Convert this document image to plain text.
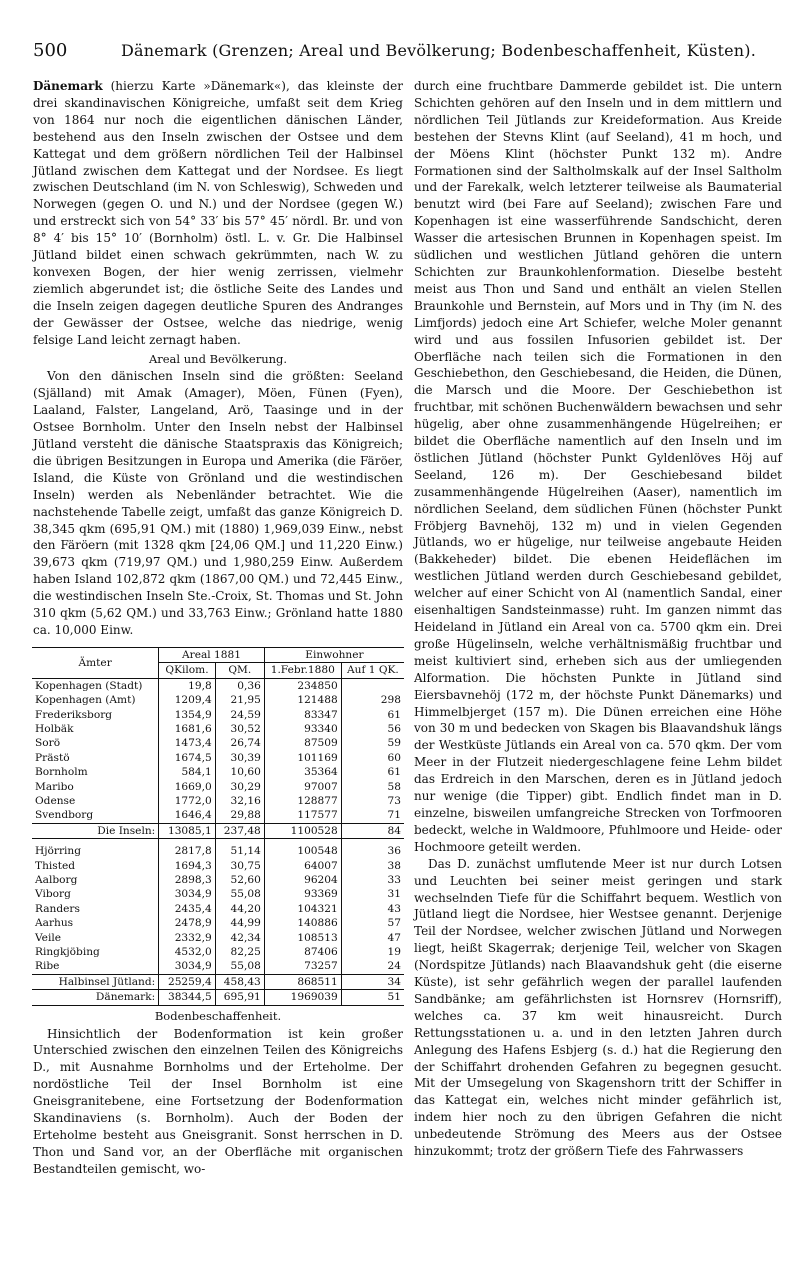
500	Dänemark (Grenzen; Areal und Bevölkerung; Bodenbeschaffenheit, Küsten).

Dänemark (hierzu Karte »Dänemark«), das kleinste der drei skandinavischen Königreiche, umfaßt seit dem Krieg von 1864 nur noch die eigentlichen dänischen Länder, bestehend aus den Inseln zwischen der Ostsee und dem Kattegat und dem größern nördlichen Teil der Halbinsel Jütland zwischen dem Kattegat und der Nordsee. Es liegt zwischen Deutschland (im N. von Schleswig), Schweden und Norwegen (gegen O. und N.) und der Nordsee (gegen W.) und erstreckt sich von 54° 33′ bis 57° 45′ nördl. Br. und von 8° 4′ bis 15° 10′ (Bornholm) östl. L. v. Gr. Die Halbinsel Jütland bildet einen schwach gekrümmten, nach W. zu konvexen Bogen, der hier wenig zerrissen, vielmehr ziemlich abgerundet ist; die östliche Seite des Landes und die Inseln zeigen dagegen deutliche Spuren des Andranges der Gewässer der Ostsee, welche das niedrige, wenig felsige Land leicht zernagt haben.

Areal und Bevölkerung.

Von den dänischen Inseln sind die größten: Seeland (Själland) mit Amak (Amager), Möen, Fünen (Fyen), Laaland, Falster, Langeland, Arö, Taasinge und in der Ostsee Bornholm. Unter den Inseln nebst der Halbinsel Jütland versteht die dänische Staatspraxis das Königreich; die übrigen Besitzungen in Europa und Amerika (die Färöer, Island, die Küste von Grönland und die westindischen Inseln) werden als Nebenländer betrachtet. Wie die nachstehende Tabelle zeigt, umfaßt das ganze Königreich D. 38,345 qkm (695,91 QM.) mit (1880) 1,969,039 Einw., nebst den Färöern (mit 1328 qkm [24,06 QM.] und 11,220 Einw.) 39,673 qkm (719,97 QM.) und 1,980,259 Einw. Außerdem haben Island 102,872 qkm (1867,00 QM.) und 72,445 Einw., die westindischen Inseln Ste.-Croix, St. Thomas und St. John 310 qkm (5,62 QM.) und 33,763 Einw.; Grönland hatte 1880 ca. 10,000 Einw.

Ämter	Areal 1881		Einwohner	
	QKilom.	QM.	1.Febr.1880	Auf 1 QK.
Kopenhagen (Stadt)	19,8	0,36	234850	
Kopenhagen (Amt)	1209,4	21,95	121488	298
Frederiksborg	1354,9	24,59	83347	61
Holbäk	1681,6	30,52	93340	56
Sorö	1473,4	26,74	87509	59
Prästö	1674,5	30,39	101169	60
Bornholm	584,1	10,60	35364	61
Maribo	1669,0	30,29	97007	58
Odense	1772,0	32,16	128877	73
Svendborg	1646,4	29,88	117577	71
Die Inseln:	13085,1	237,48	1100528	84
Hjörring	2817,8	51,14	100548	36
Thisted	1694,3	30,75	64007	38
Aalborg	2898,3	52,60	96204	33
Viborg	3034,9	55,08	93369	31
Randers	2435,4	44,20	104321	43
Aarhus	2478,9	44,99	140886	57
Veile	2332,9	42,34	108513	47
Ringkjöbing	4532,0	82,25	87406	19
Ribe	3034,9	55,08	73257	24
Halbinsel Jütland:	25259,4	458,43	868511	34
Dänemark:	38344,5	695,91	1969039	51
Bodenbeschaffenheit.

Hinsichtlich der Bodenformation ist kein großer Unterschied zwischen den einzelnen Teilen des Königreichs D., mit Ausnahme Bornholms und der Erteholme. Der nordöstliche Teil der Insel Bornholm ist eine Gneisgranitebene, eine Fortsetzung der Bodenformation Skandinaviens (s. Bornholm). Auch der Boden der Erteholme besteht aus Gneisgranit. Sonst herrschen in D. Thon und Sand vor, an der Oberfläche mit organischen Bestandteilen gemischt, wo-

durch eine fruchtbare Dammerde gebildet ist. Die untern Schichten gehören auf den Inseln und in dem mittlern und nördlichen Teil Jütlands zur Kreideformation. Aus Kreide bestehen der Stevns Klint (auf Seeland), 41 m hoch, und der Möens Klint (höchster Punkt 132 m). Andre Formationen sind der Saltholmskalk auf der Insel Saltholm und der Farekalk, welch letzterer teilweise als Baumaterial benutzt wird (bei Fare auf Seeland); zwischen Fare und Kopenhagen ist eine wasserführende Sandschicht, deren Wasser die artesischen Brunnen in Kopenhagen speist. Im südlichen und westlichen Jütland gehören die untern Schichten zur Braunkohlenformation. Dieselbe besteht meist aus Thon und Sand und enthält an vielen Stellen Braunkohle und Bernstein, auf Mors und in Thy (im N. des Limfjords) jedoch eine Art Schiefer, welche Moler genannt wird und aus fossilen Infusorien gebildet ist. Der Oberfläche nach teilen sich die Formationen in den Geschiebethon, den Geschiebesand, die Heiden, die Dünen, die Marsch und die Moore. Der Geschiebethon ist fruchtbar, mit schönen Buchenwäldern bewachsen und sehr hügelig, aber ohne zusammenhängende Hügelreihen; er bildet die Oberfläche namentlich auf den Inseln und im östlichen Jütland (höchster Punkt Gyldenlöves Höj auf Seeland, 126 m). Der Geschiebesand bildet zusammenhängende Hügelreihen (Aaser), namentlich im nördlichen Seeland, dem südlichen Fünen (höchster Punkt Fröbjerg Bavnehöj, 132 m) und in vielen Gegenden Jütlands, wo er hügelige, nur teilweise angebaute Heiden (Bakkeheder) bildet. Die ebenen Heideflächen im westlichen Jütland werden durch Geschiebesand gebildet, welcher auf einer Schicht von Al (namentlich Sandal, einer eisenhaltigen Sandsteinmasse) ruht. Im ganzen nimmt das Heideland in Jütland ein Areal von ca. 5700 qkm ein. Drei große Hügelinseln, welche verhältnismäßig fruchtbar und meist kultiviert sind, erheben sich aus der umliegenden Alformation. Die höchsten Punkte in Jütland sind Eiersbavnehöj (172 m, der höchste Punkt Dänemarks) und Himmelbjerget (157 m). Die Dünen erreichen eine Höhe von 30 m und bedecken von Skagen bis Blaavandshuk längs der Westküste Jütlands ein Areal von ca. 570 qkm. Der vom Meer in der Flutzeit niedergeschlagene feine Lehm bildet das Erdreich in den Marschen, deren es in Jütland jedoch nur wenige (die Tipper) gibt. Endlich findet man in D. einzelne, bisweilen umfangreiche Strecken von Torfmooren bedeckt, welche in Waldmoore, Pfuhlmoore und Heide- oder Hochmoore geteilt werden.

Das D. zunächst umflutende Meer ist nur durch Lotsen und Leuchten bei seiner meist geringen und stark wechselnden Tiefe für die Schiffahrt bequem. Westlich von Jütland liegt die Nordsee, hier Westsee genannt. Derjenige Teil der Nordsee, welcher zwischen Jütland und Norwegen liegt, heißt Skagerrak; derjenige Teil, welcher von Skagen (Nordspitze Jütlands) nach Blaavandshuk geht (die eiserne Küste), ist sehr gefährlich wegen der parallel laufenden Sandbänke; am gefährlichsten ist Hornsrev (Hornsriff), welches ca. 37 km weit hinausreicht. Durch Rettungsstationen u. a. und in den letzten Jahren durch Anlegung des Hafens Esbjerg (s. d.) hat die Regierung den der Schiffahrt drohenden Gefahren zu begegnen gesucht. Mit der Umsegelung von Skagenshorn tritt der Schiffer in das Kattegat ein, welches nicht minder gefährlich ist, indem hier noch zu den übrigen Gefahren die nicht unbedeutende Strömung des Meers aus der Ostsee hinzukommt; trotz der größern Tiefe des Fahrwassers
